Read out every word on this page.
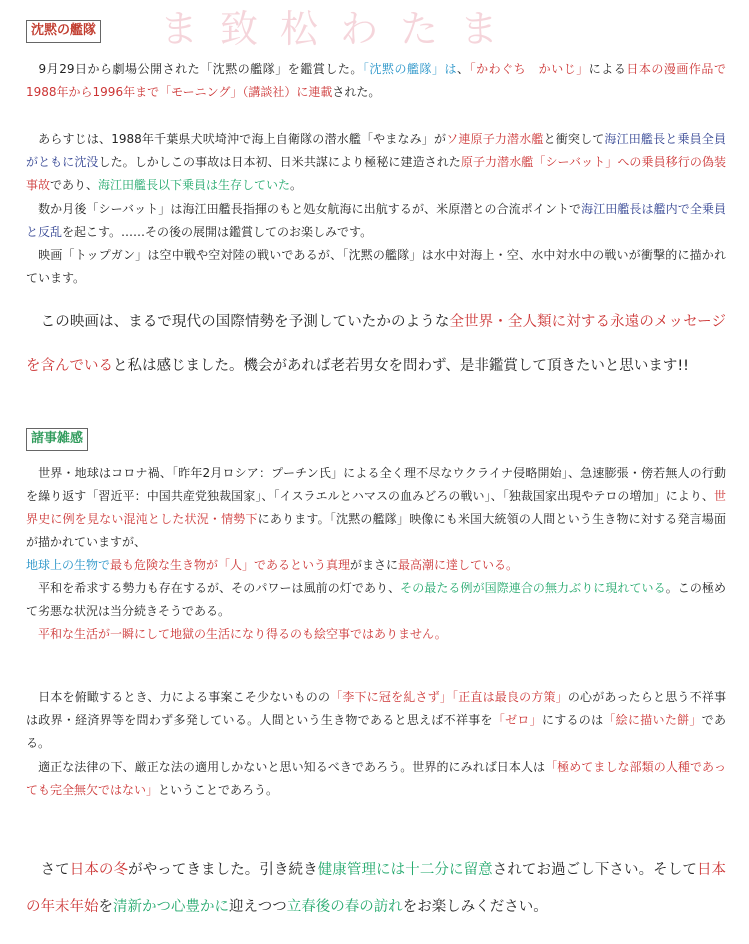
ま致松わたま
沈黙の艦隊

　9月29日から劇場公開された「沈黙の艦隊」を鑑賞した。「沈黙の艦隊」は、「かわぐち　かいじ」による日本の漫画作品で1988年から1996年まで「モーニング」（講談社）に連載された。

　あらすじは、1988年千葉県犬吠埼沖で海上自衛隊の潜水艦「やまなみ」がソ連原子力潜水艦と衝突して海江田艦長と乗員全員がともに沈没した。しかしこの事故は日本初、日米共謀により極秘に建造された原子力潜水艦「シーバット」への乗員移行の偽装事故であり、海江田艦長以下乗員は生存していた。

　数か月後「シーバット」は海江田艦長指揮のもと処女航海に出航するが、米原潜との合流ポイントで海江田艦長は艦内で全乗員と反乱を起こす。……その後の展開は鑑賞してのお楽しみです。

　映画「トップガン」は空中戦や空対陸の戦いであるが、「沈黙の艦隊」は水中対海上・空、水中対水中の戦いが衝撃的に描かれています。

　この映画は、まるで現代の国際情勢を予測していたかのような全世界・全人類に対する永遠のメッセージを含んでいると私は感じました。機会があれば老若男女を問わず、是非鑑賞して頂きたいと思います!!

諸事雑感

　世界・地球はコロナ禍、「昨年2月ロシア：プーチン氏」による全く理不尽なウクライナ侵略開始」、急速膨張・傍若無人の行動を繰り返す「習近平：中国共産党独裁国家」、「イスラエルとハマスの血みどろの戦い」、「独裁国家出現やテロの増加」により、世界史に例を見ない混沌とした状況・情勢下にあります。「沈黙の艦隊」映像にも米国大統領の人間という生き物に対する発言場面が描かれていますが、

地球上の生物で最も危険な生き物が「人」であるという真理がまさに最高潮に達している。

　平和を希求する勢力も存在するが、そのパワーは風前の灯であり、その最たる例が国際連合の無力ぶりに現れている。この極めて劣悪な状況は当分続きそうである。

　平和な生活が一瞬にして地獄の生活になり得るのも絵空事ではありません。

　日本を俯瞰するとき、力による事案こそ少ないものの「李下に冠を糺さず」「正直は最良の方策」の心があったらと思う不祥事は政界・経済界等を問わず多発している。人間という生き物であると思えば不祥事を「ゼロ」にするのは「絵に描いた餅」である。

　適正な法律の下、厳正な法の適用しかないと思い知るべきであろう。世界的にみれば日本人は「極めてましな部類の人種であっても完全無欠ではない」ということであろう。

　さて日本の冬がやってきました。引き続き健康管理には十二分に留意されてお過ごし下さい。そして日本の年末年始を清新かつ心豊かに迎えつつ立春後の春の訪れをお楽しみください。
